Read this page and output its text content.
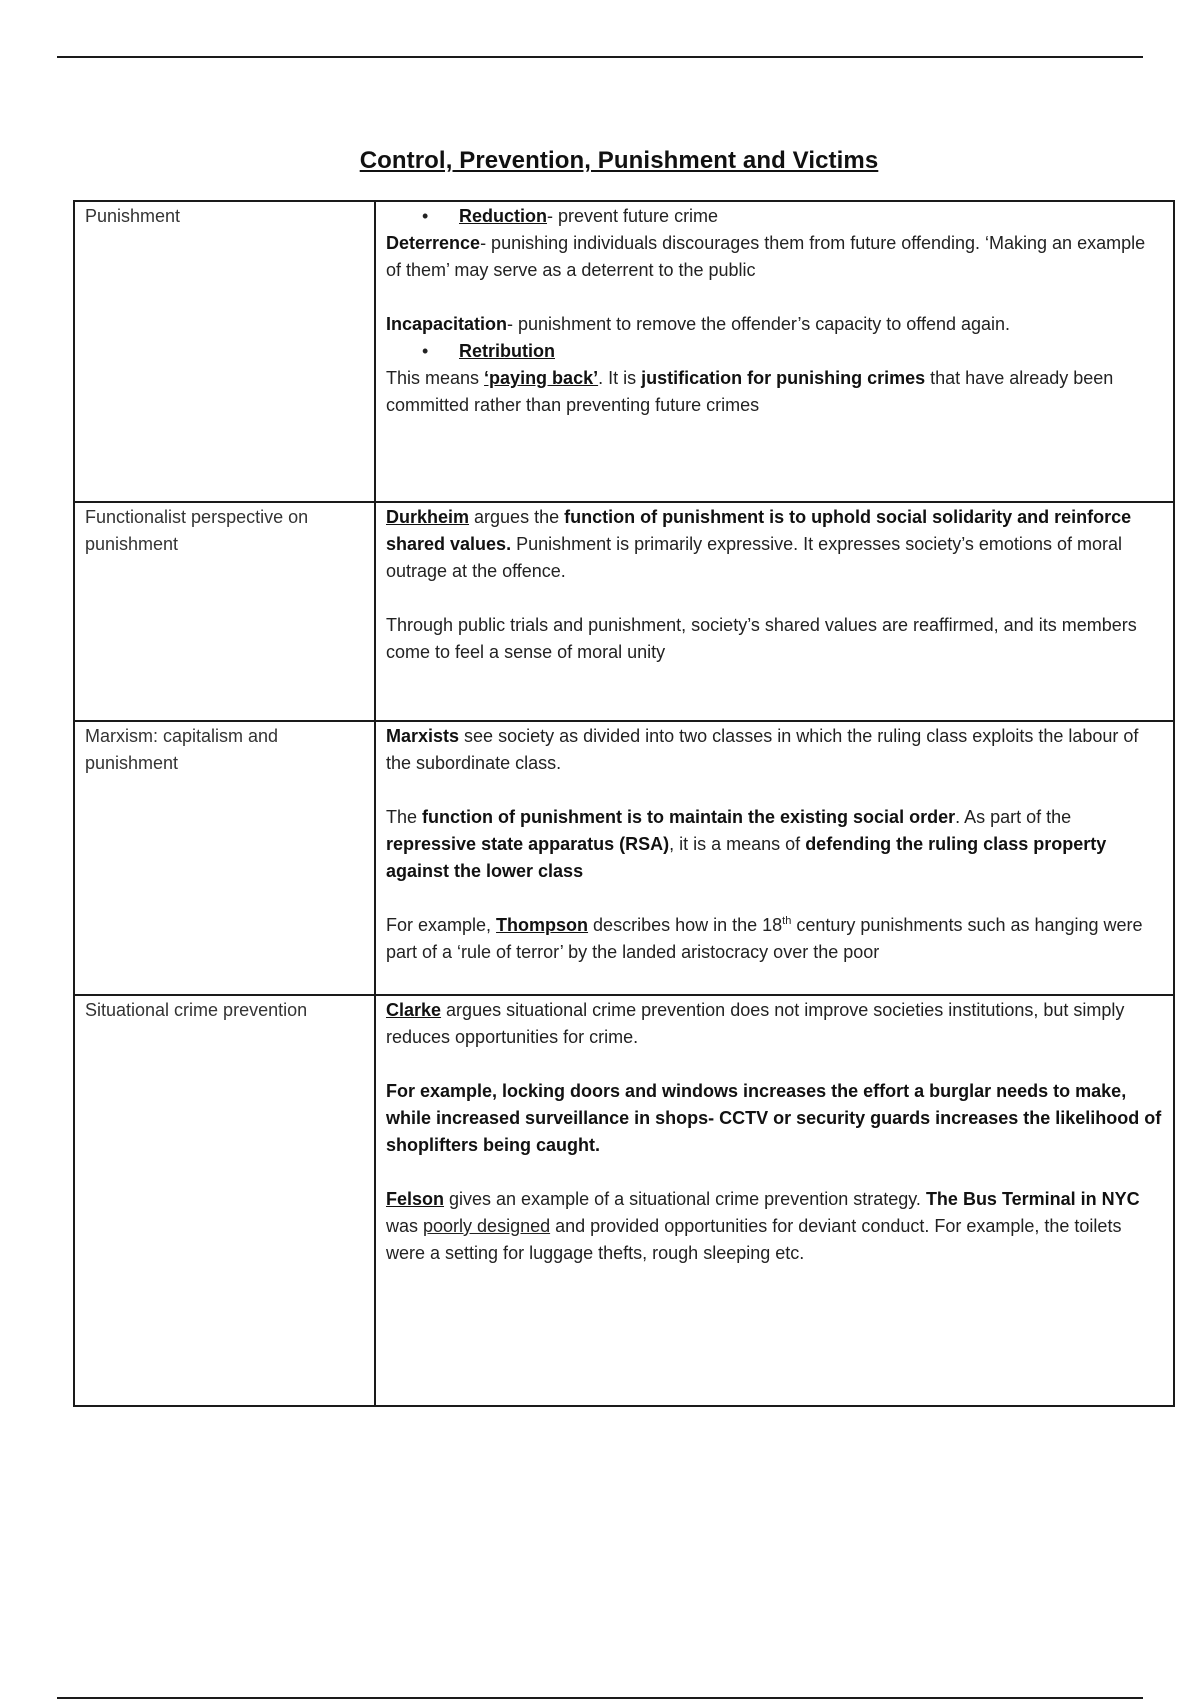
Control, Prevention, Punishment and Victims
Punishment	• Reduction- prevent future crime

Deterrence- punishing individuals discourages them from future offending. ‘Making an example of them’ may serve as a deterrent to the public

Incapacitation- punishment to remove the offender’s capacity to offend again.

• Retribution

This means ‘paying back’. It is justification for punishing crimes that have already been committed rather than preventing future crimes

Functionalist perspective on punishment	Durkheim argues the function of punishment is to uphold social solidarity and reinforce shared values. Punishment is primarily expressive. It expresses society’s emotions of moral outrage at the offence.

Through public trials and punishment, society’s shared values are reaffirmed, and its members come to feel a sense of moral unity

Marxism: capitalism and punishment	Marxists see society as divided into two classes in which the ruling class exploits the labour of the subordinate class.

The function of punishment is to maintain the existing social order. As part of the repressive state apparatus (RSA), it is a means of defending the ruling class property against the lower class

For example, Thompson describes how in the 18th century punishments such as hanging were part of a ‘rule of terror’ by the landed aristocracy over the poor

Situational crime prevention	Clarke argues situational crime prevention does not improve societies institutions, but simply reduces opportunities for crime.

For example, locking doors and windows increases the effort a burglar needs to make, while increased surveillance in shops- CCTV or security guards increases the likelihood of shoplifters being caught.

Felson gives an example of a situational crime prevention strategy. The Bus Terminal in NYC was poorly designed and provided opportunities for deviant conduct. For example, the toilets were a setting for luggage thefts, rough sleeping etc.
